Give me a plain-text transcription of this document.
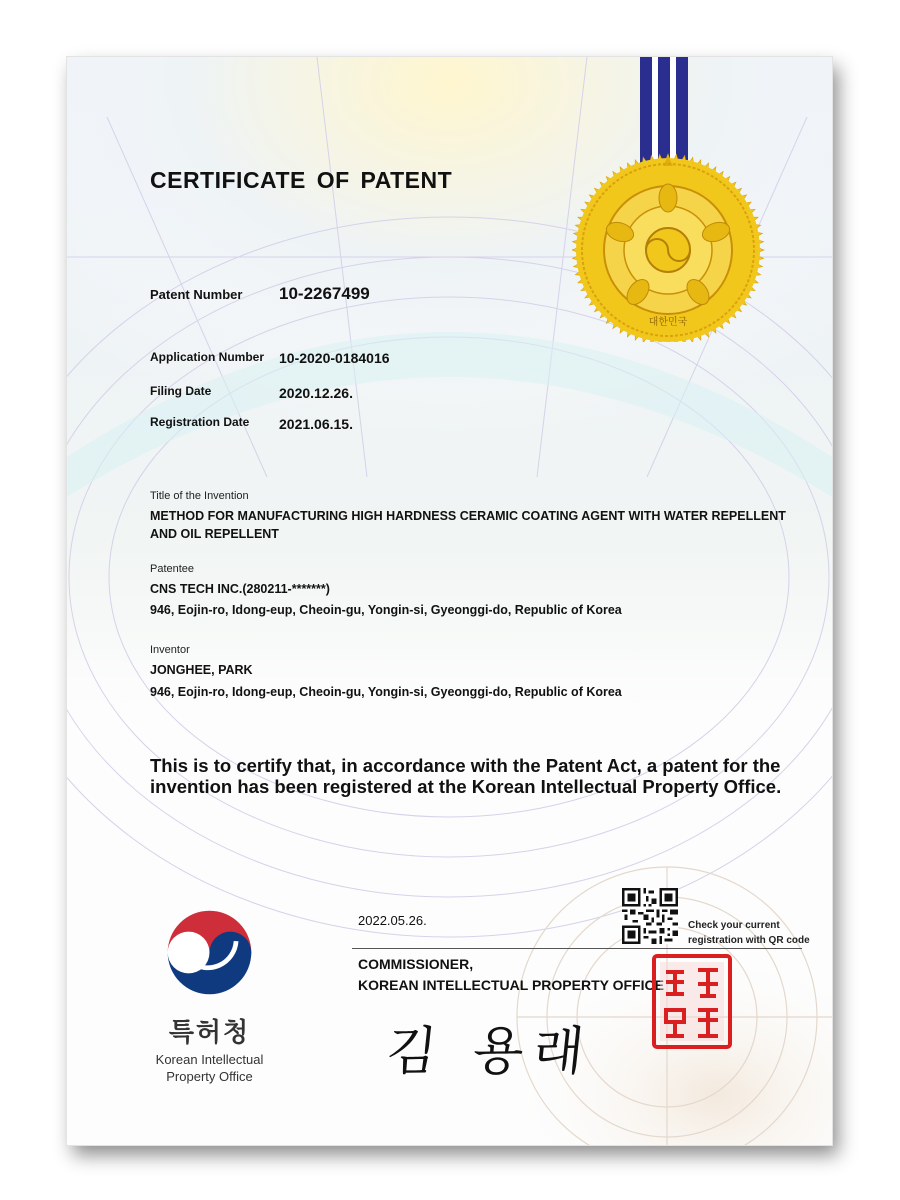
대한민국
CERTIFICATE OF PATENT
Patent Number 10-2267499
Application Number 10-2020-0184016
Filing Date	2020.12.26.
Registration Date 2021.06.15.
Title of the Invention
METHOD FOR MANUFACTURING HIGH HARDNESS CERAMIC COATING AGENT WITH WATER REPELLENT
AND OIL REPELLENT
Patentee
CNS TECH INC.(280211-*******)
946, Eojin-ro, Idong-eup, Cheoin-gu, Yongin-si, Gyeonggi-do, Republic of Korea
Inventor
JONGHEE, PARK
946, Eojin-ro, Idong-eup, Cheoin-gu, Yongin-si, Gyeonggi-do, Republic of Korea
This is to certify that, in accordance with the Patent Act, a patent for the invention has been registered at the Korean Intellectual Property Office.
특허청
Korean Intellectual
Property Office
2022.05.26.	Check your current
registration with QR code
COMMISSIONER,
KOREAN INTELLECTUAL PROPERTY OFFICE
김 용래
